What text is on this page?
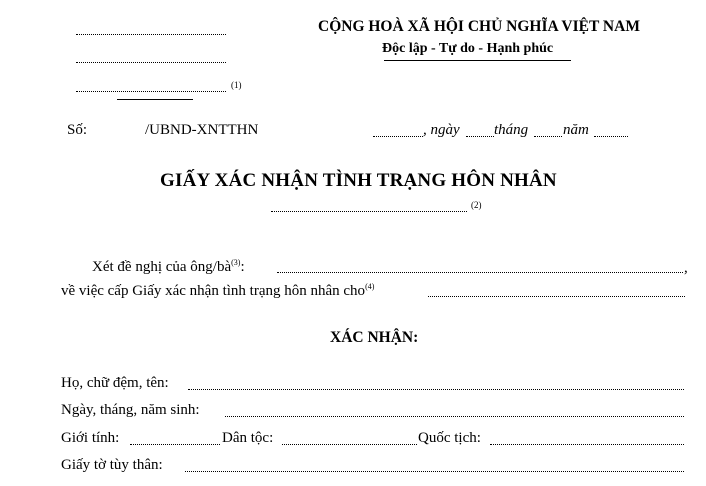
(1)
CỘNG HOÀ XÃ HỘI CHỦ NGHĨA VIỆT NAM
Độc lập - Tự do - Hạnh phúc
Số:	/UBND-XNTTHN	, ngày tháng năm
GIẤY XÁC NHẬN TÌNH TRẠNG HÔN NHÂN
(2)
Xét đề nghị của ông/$bà^{(3)}$:	,
về việc cấp Giấy xác nhận tình trạng hôn nhân cho$^{(4)}$
XÁC NHẬN:
Họ, chữ đệm, tên:
Ngày, tháng, năm sinh:
Giới tính:	Dân tộc:	Quốc tịch:
Giấy tờ tùy thân:
